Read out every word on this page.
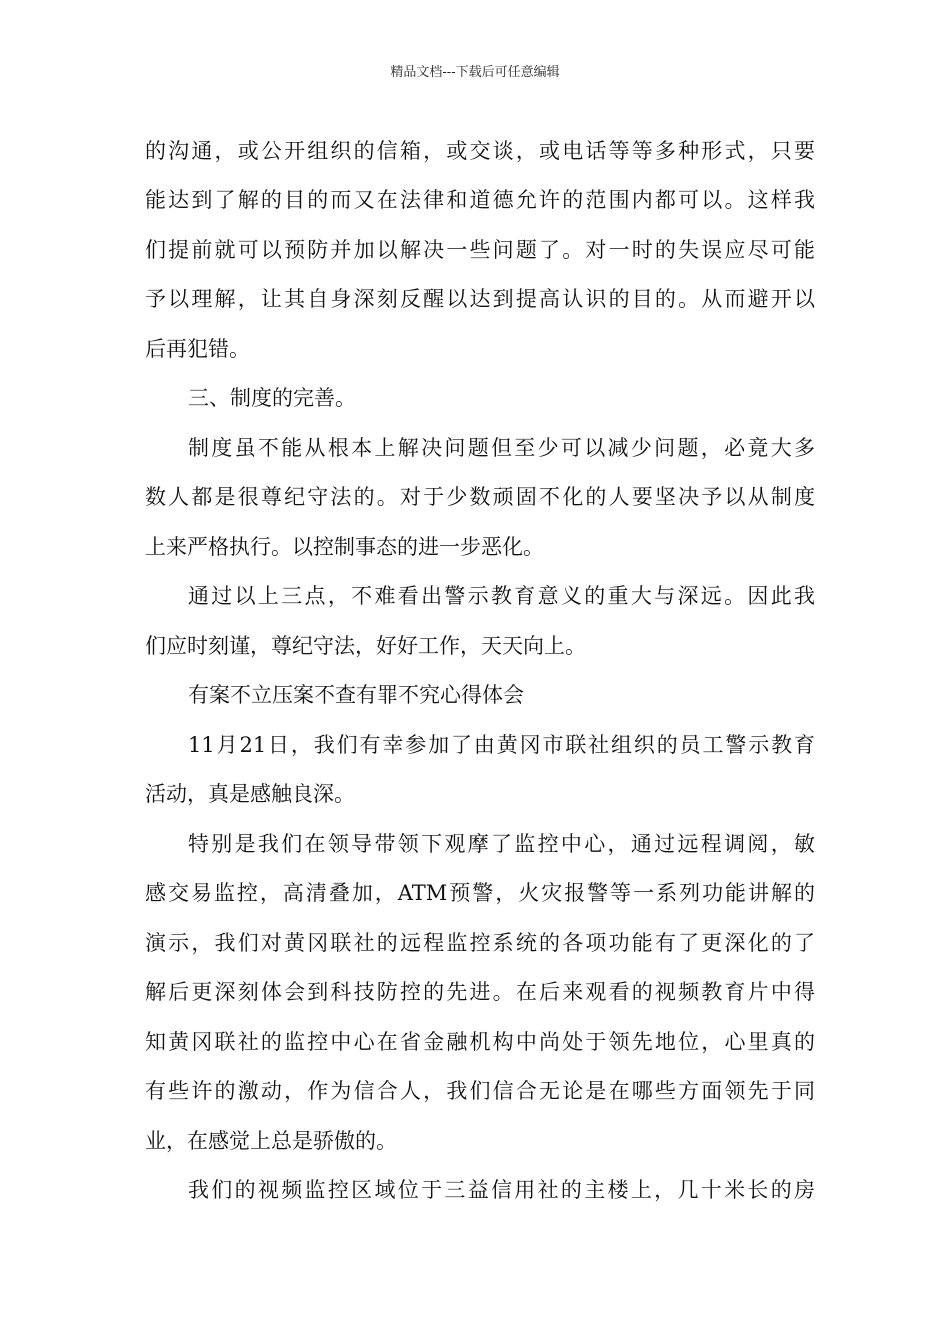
精品文档---下载后可任意编辑
的沟通，或公开组织的信箱，或交谈，或电话等等多种形式，只要
能达到了解的目的而又在法律和道德允许的范围内都可以。这样我
们提前就可以预防并加以解决一些问题了。对一时的失误应尽可能
予以理解，让其自身深刻反醒以达到提高认识的目的。从而避开以
后再犯错。
三、制度的完善。
制度虽不能从根本上解决问题但至少可以减少问题，必竟大多
数人都是很尊纪守法的。对于少数顽固不化的人要坚决予以从制度
上来严格执行。以控制事态的进一步恶化。
通过以上三点，不难看出警示教育意义的重大与深远。因此我
们应时刻谨，尊纪守法，好好工作，天天向上。
有案不立压案不查有罪不究心得体会
11月21日，我们有幸参加了由黄冈市联社组织的员工警示教育
活动，真是感触良深。
特别是我们在领导带领下观摩了监控中心，通过远程调阅，敏
感交易监控，高清叠加，ATM预警，火灾报警等一系列功能讲解的
演示，我们对黄冈联社的远程监控系统的各项功能有了更深化的了
解后更深刻体会到科技防控的先进。在后来观看的视频教育片中得
知黄冈联社的监控中心在省金融机构中尚处于领先地位，心里真的
有些许的激动，作为信合人，我们信合无论是在哪些方面领先于同
业，在感觉上总是骄傲的。
我们的视频监控区域位于三益信用社的主楼上，几十米长的房
